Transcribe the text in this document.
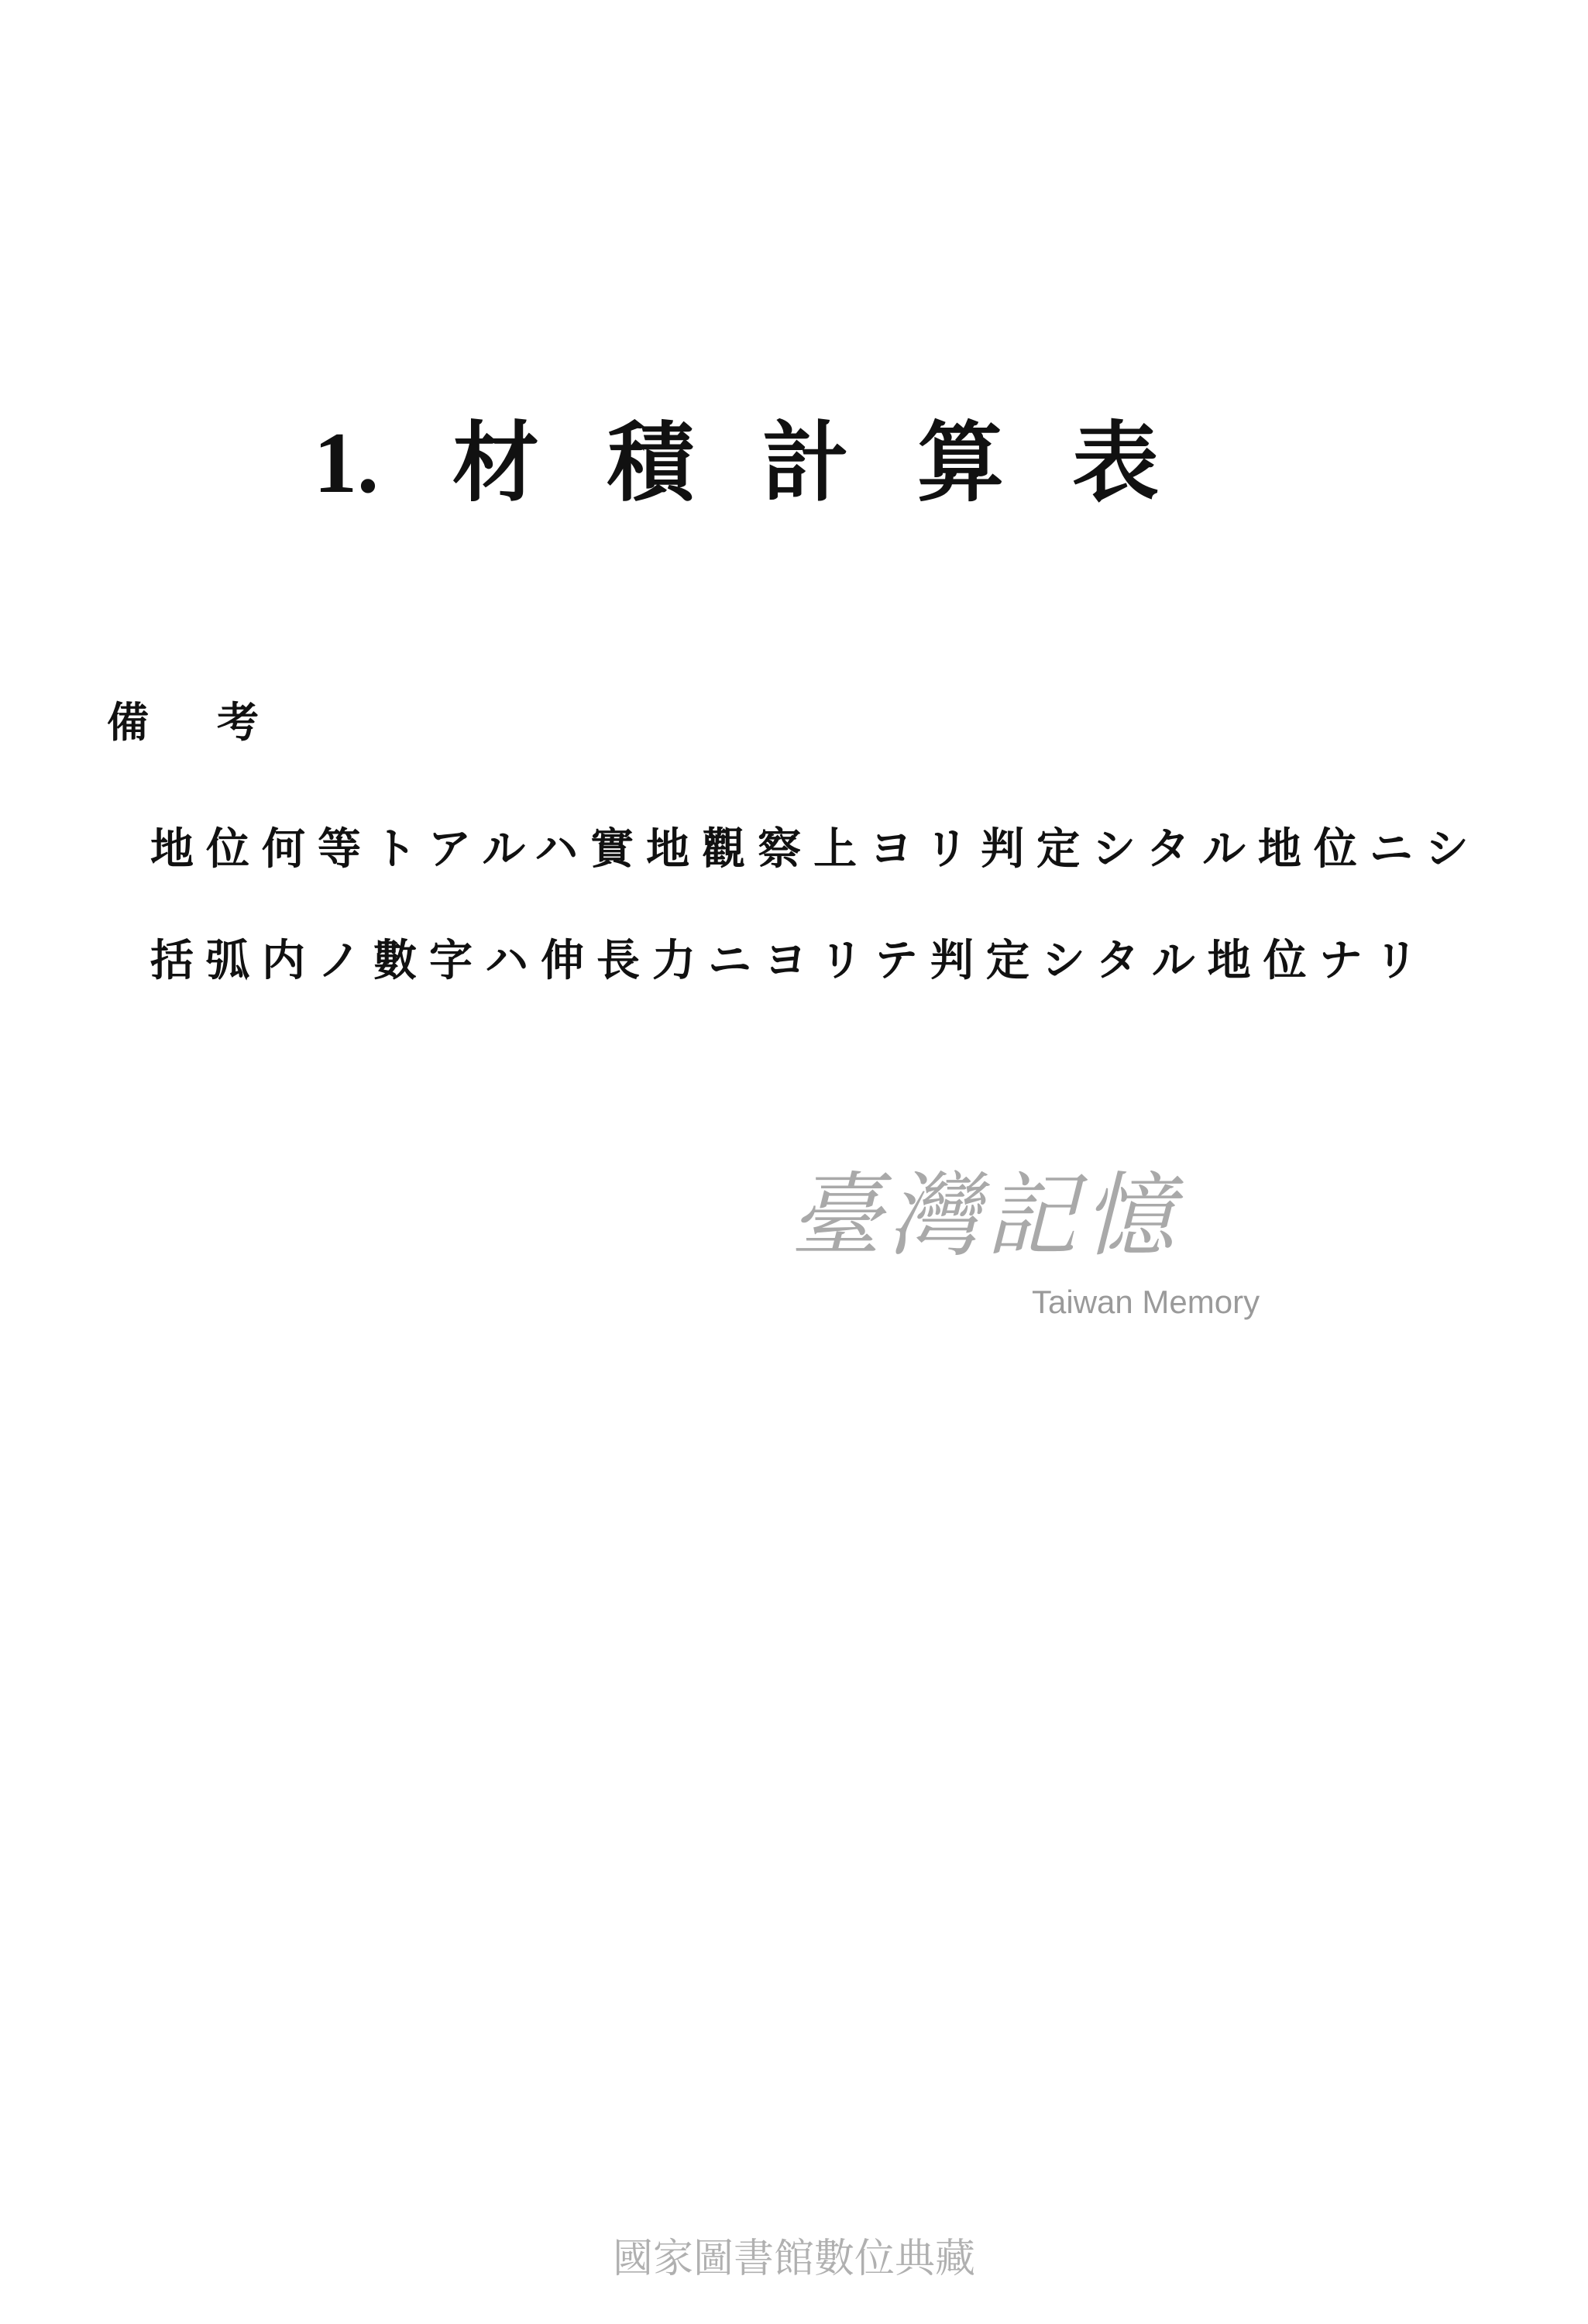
1. 材積計算表
備考
地位何等トアルハ實地觀察上ヨリ判定シタル地位ニシ
括弧内ノ數字ハ伸長力ニヨリテ判定シタル地位ナリ
臺灣記憶
Taiwan Memory
國家圖書館數位典藏
